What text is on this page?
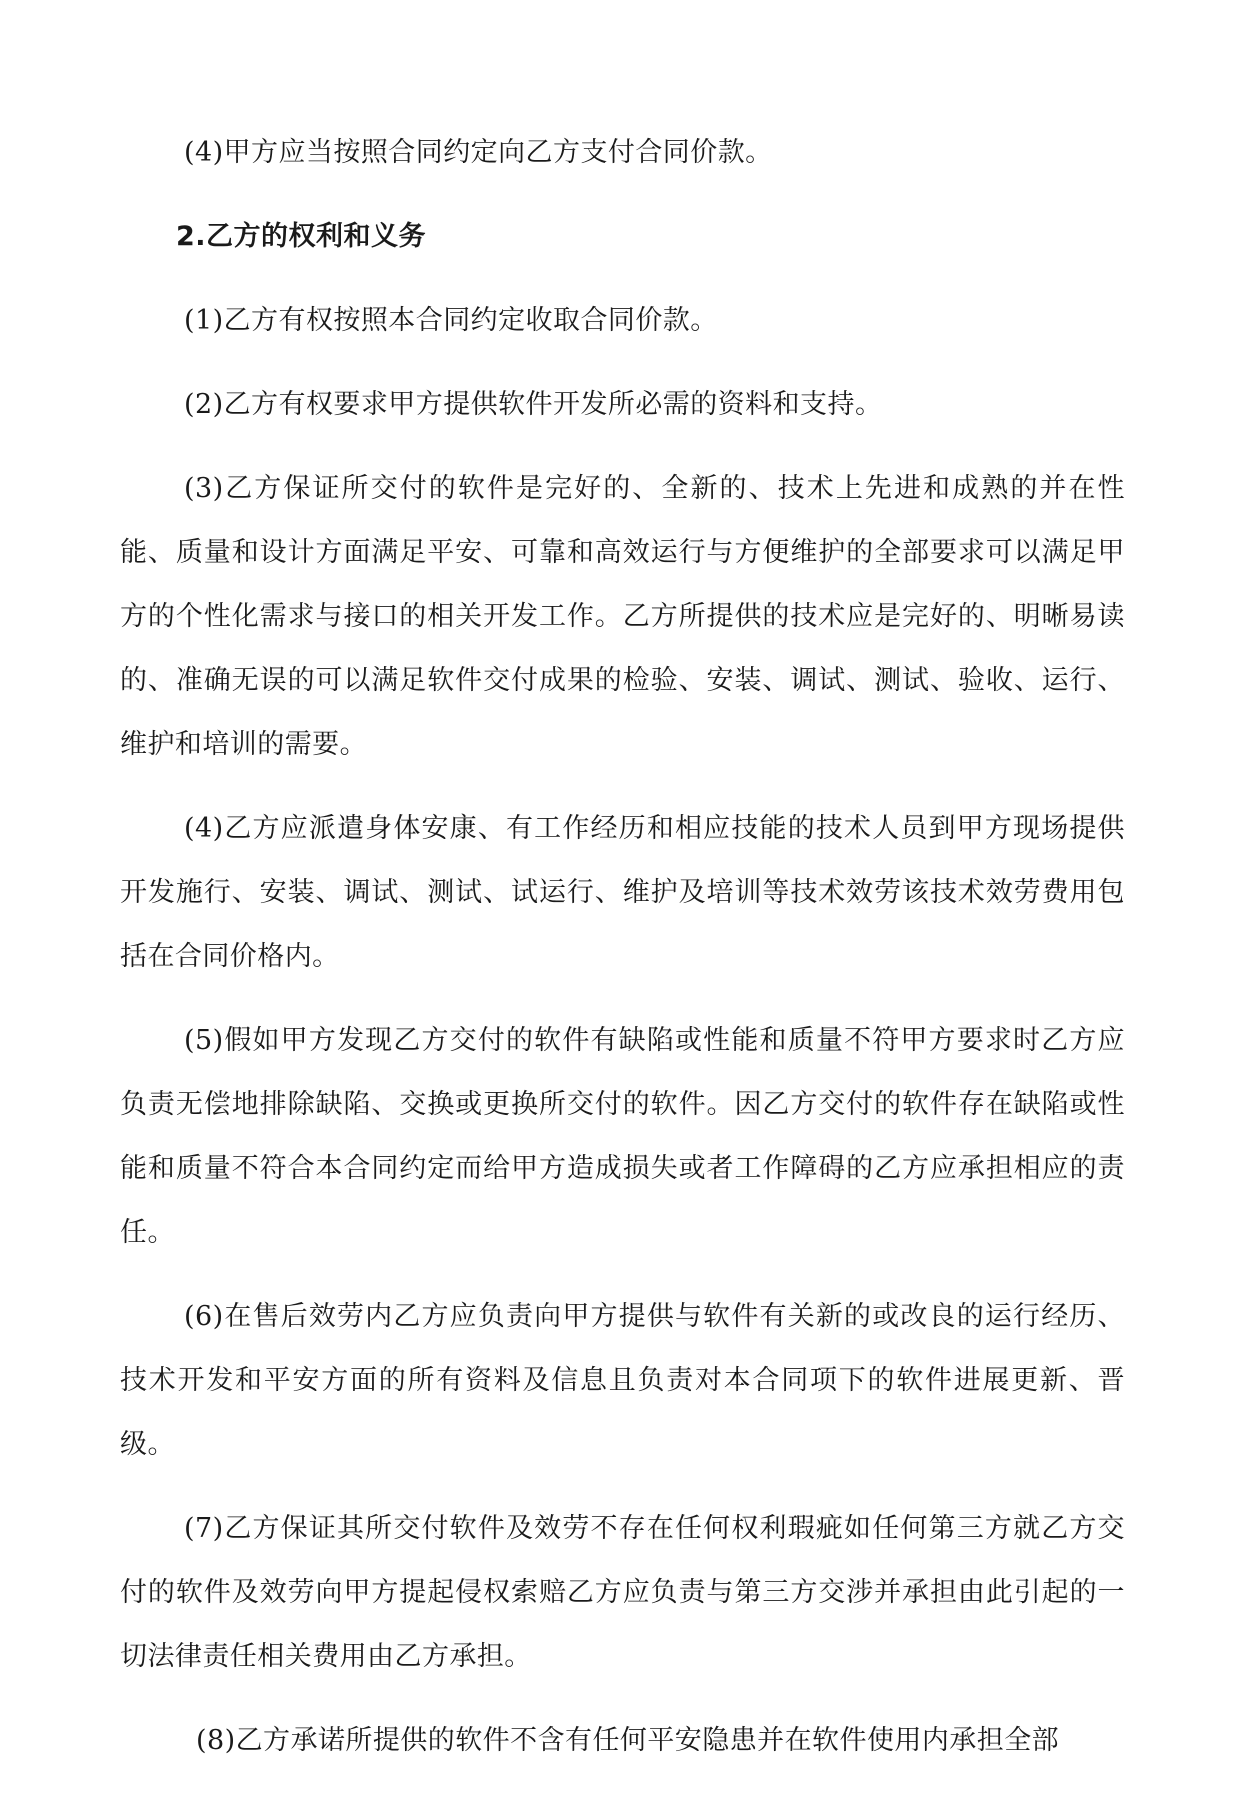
(4)甲方应当按照合同约定向乙方支付合同价款。

2.乙方的权利和义务

(1)乙方有权按照本合同约定收取合同价款。

(2)乙方有权要求甲方提供软件开发所必需的资料和支持。

(3)乙方保证所交付的软件是完好的、全新的、技术上先进和成熟的并在性能、质量和设计方面满足平安、可靠和高效运行与方便维护的全部要求可以满足甲方的个性化需求与接口的相关开发工作。乙方所提供的技术应是完好的、明晰易读的、准确无误的可以满足软件交付成果的检验、安装、调试、测试、验收、运行、维护和培训的需要。

(4)乙方应派遣身体安康、有工作经历和相应技能的技术人员到甲方现场提供开发施行、安装、调试、测试、试运行、维护及培训等技术效劳该技术效劳费用包括在合同价格内。

(5)假如甲方发现乙方交付的软件有缺陷或性能和质量不符甲方要求时乙方应负责无偿地排除缺陷、交换或更换所交付的软件。因乙方交付的软件存在缺陷或性能和质量不符合本合同约定而给甲方造成损失或者工作障碍的乙方应承担相应的责任。

(6)在售后效劳内乙方应负责向甲方提供与软件有关新的或改良的运行经历、技术开发和平安方面的所有资料及信息且负责对本合同项下的软件进展更新、晋级。

(7)乙方保证其所交付软件及效劳不存在任何权利瑕疵如任何第三方就乙方交付的软件及效劳向甲方提起侵权索赔乙方应负责与第三方交涉并承担由此引起的一切法律责任相关费用由乙方承担。

(8)乙方承诺所提供的软件不含有任何平安隐患并在软件使用内承担全部
